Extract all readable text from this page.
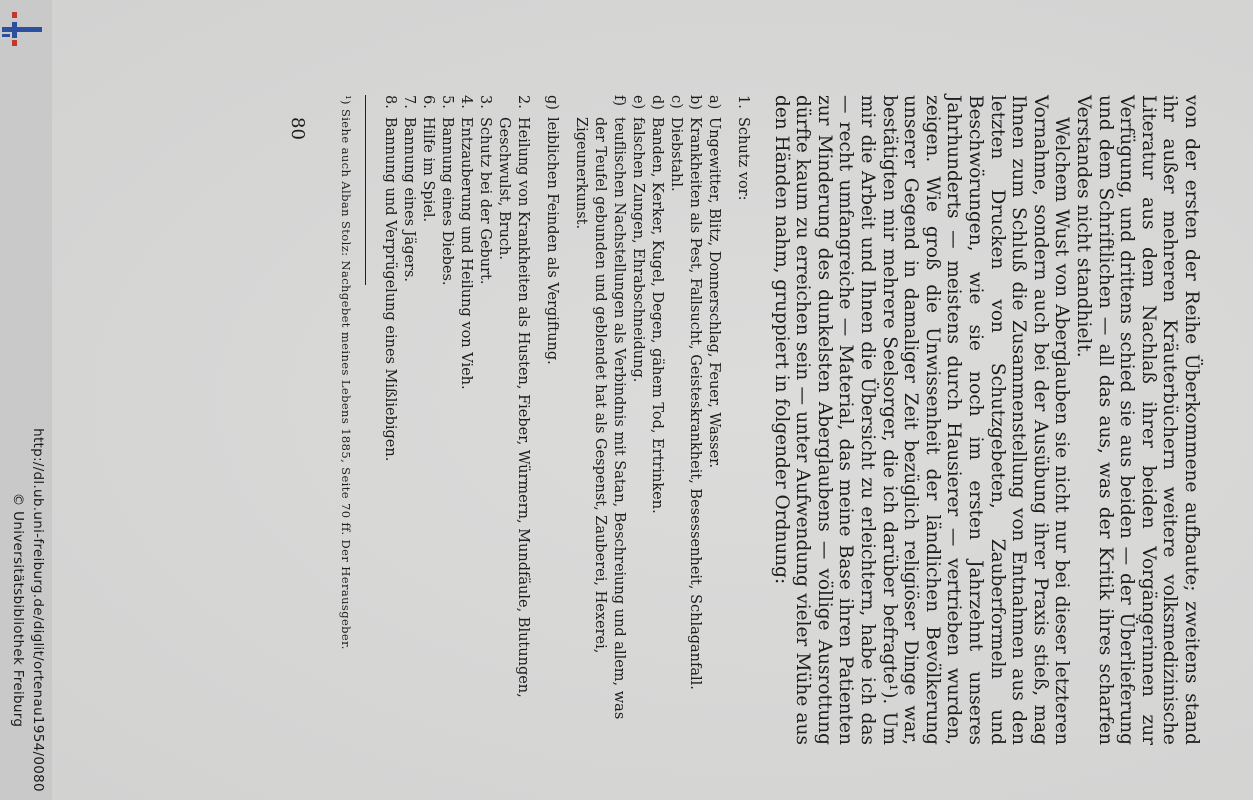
http://dl.ub.uni-freiburg.de/diglit/ortenau1954/0080
© Universitätsbibliothek Freiburg	von der ersten der Reihe Überkommene aufbaute; zweitens stand ihr außer mehreren Kräuterbüchern weitere volksmedizinische Literatur aus dem Nachlaß ihrer beiden Vorgängerinnen zur Verfügung, und drittens schied sie aus beiden — der Überlieferung und dem Schriftlichen — all das aus, was der Kritik ihres scharfen Verstandes nicht standhielt.

Welchem Wust von Aberglauben sie nicht nur bei dieser letzteren Vornahme, sondern auch bei der Ausübung ihrer Praxis stieß, mag Ihnen zum Schluß die Zusammenstellung von Entnahmen aus den letzten Drucken von Schutzgebeten, Zauberformeln und Beschwörungen, wie sie noch im ersten Jahrzehnt unseres Jahrhunderts — meistens durch Hausierer — vertrieben wurden, zeigen. Wie groß die Unwissenheit der ländlichen Bevölkerung unserer Gegend in damaliger Zeit bezüglich religiöser Dinge war, bestätigten mir mehrere Seelsorger, die ich darüber befragte¹). Um mir die Arbeit und Ihnen die Übersicht zu erleichtern, habe ich das — recht umfangreiche — Material, das meine Base ihren Patienten zur Minderung des dunkelsten Aberglaubens — völlige Ausrottung dürfte kaum zu erreichen sein — unter Aufwendung vieler Mühe aus den Händen nahm, gruppiert in folgender Ordnung:

1.
Schutz vor:
a)
Ungewitter, Blitz, Donnerschlag, Feuer, Wasser.
b)
Krankheiten als Pest, Fallsucht, Geisteskrankheit, Besessenheit, Schlaganfall.
c)
Diebstahl.
d)
Banden, Kerker, Kugel, Degen, gähem Tod, Ertrinken.
e)
falschen Zungen, Ehrabschneidung.
f)
teuflischen Nachstellungen als Verbindnis mit Satan, Beschreiung und allem, was der Teufel gebunden und geblendet hat als Gespenst, Zauberei, Hexerei, Zigeunerkunst.
g)
leiblichen Feinden als Vergiftung.
2.
Heilung von Krankheiten als Husten, Fieber, Würmern, Mundfäule, Blutungen, Geschwulst, Bruch.
3.
Schutz bei der Geburt.
4.
Entzauberung und Heilung von Vieh.
5.
Bannung eines Diebes.
6.
Hilfe im Spiel.
7.
Bannung eines Jägers.
8.
Bannung und Verprügelung eines Mißliebigen.
¹) Siehe auch Alban Stolz: Nachgebet meines Lebens 1885, Seite 70 ff. Der Herausgeber.
80
